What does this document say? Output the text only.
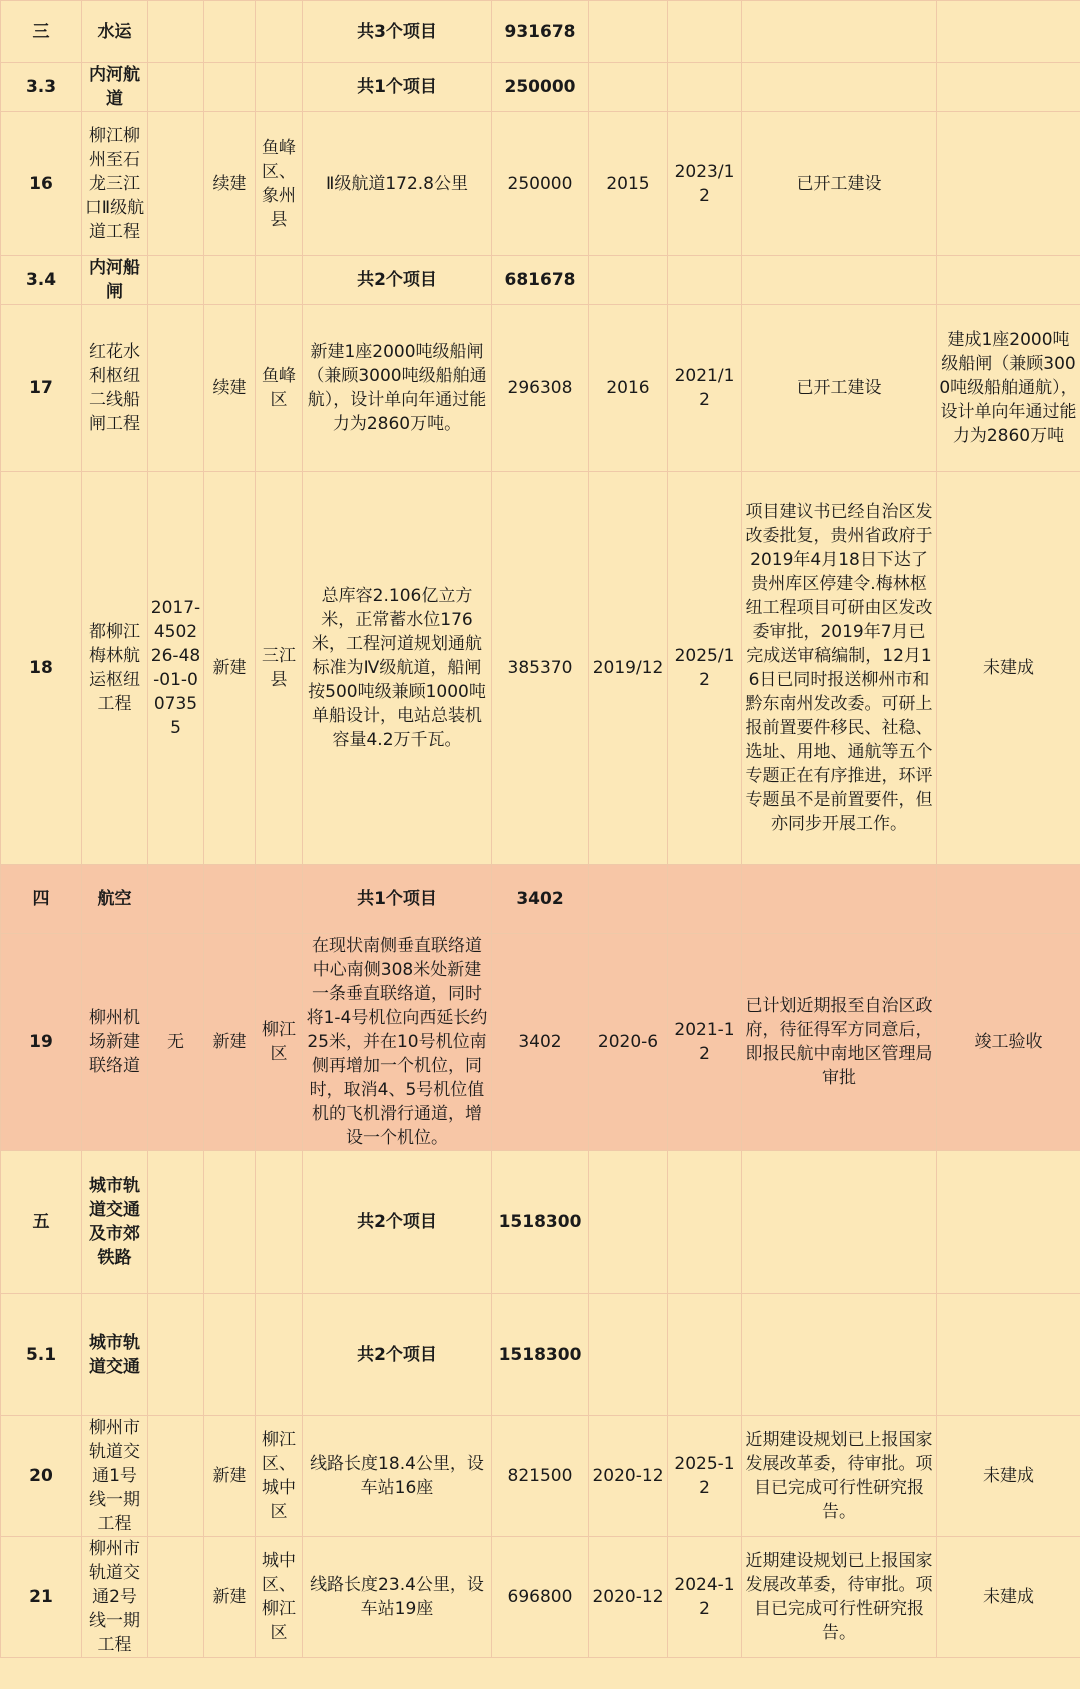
三	水运				共3个项目	931678				
3.3	内河航道				共1个项目	250000				
16	柳江柳州至石龙三江口Ⅱ级航道工程		续建	鱼峰区、象州县	Ⅱ级航道172.8公里	250000	2015	2023/12	已开工建设	
3.4	内河船闸				共2个项目	681678				
17	红花水利枢纽二线船闸工程		续建	鱼峰区	新建1座2000吨级船闸（兼顾3000吨级船舶通航），设计单向年通过能力为2860万吨。	296308	2016	2021/12	已开工建设	建成1座2000吨级船闸（兼顾3000吨级船舶通航），设计单向年通过能力为2860万吨
18	都柳江梅林航运枢纽工程	2017-450226-48-01-007355	新建	三江县	总库容2.106亿立方米，正常蓄水位176米，工程河道规划通航标准为Ⅳ级航道，船闸按500吨级兼顾1000吨单船设计，电站总装机容量4.2万千瓦。	385370	2019/12	2025/12	项目建议书已经自治区发改委批复，贵州省政府于2019年4月18日下达了贵州库区停建令.梅林枢纽工程项目可研由区发改委审批，2019年7月已完成送审稿编制，12月16日已同时报送柳州市和黔东南州发改委。可研上报前置要件移民、社稳、选址、用地、通航等五个专题正在有序推进，环评专题虽不是前置要件，但亦同步开展工作。	未建成
四	航空				共1个项目	3402				
19	柳州机场新建联络道	无	新建	柳江区	在现状南侧垂直联络道中心南侧308米处新建一条垂直联络道，同时将1-4号机位向西延长约25米，并在10号机位南侧再增加一个机位，同时，取消4、5号机位值机的飞机滑行通道，增设一个机位。	3402	2020-6	2021-12	已计划近期报至自治区政府，待征得军方同意后，即报民航中南地区管理局审批	竣工验收
五	城市轨道交通及市郊铁路				共2个项目	1518300				
5.1	城市轨道交通				共2个项目	1518300				
20	柳州市轨道交通1号线一期工程		新建	柳江区、城中区	线路长度18.4公里，设车站16座	821500	2020-12	2025-12	近期建设规划已上报国家发展改革委，待审批。项目已完成可行性研究报告。	未建成
21	柳州市轨道交通2号线一期工程		新建	城中区、柳江区	线路长度23.4公里，设车站19座	696800	2020-12	2024-12	近期建设规划已上报国家发展改革委，待审批。项目已完成可行性研究报告。	未建成
